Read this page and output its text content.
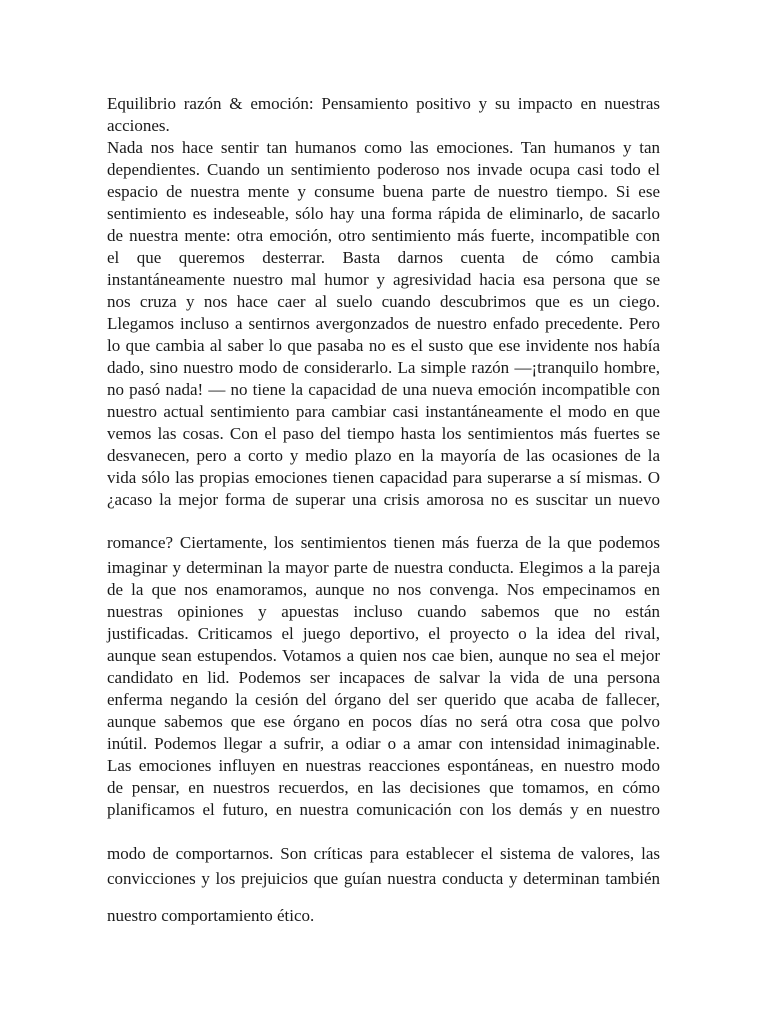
Equilibrio razón & emoción: Pensamiento positivo y su impacto en nuestras

acciones.

Nada nos hace sentir tan humanos como las emociones. Tan humanos y tan

dependientes. Cuando un sentimiento poderoso nos invade ocupa casi todo el

espacio de nuestra mente y consume buena parte de nuestro tiempo. Si ese

sentimiento es indeseable, sólo hay una forma rápida de eliminarlo, de sacarlo

de nuestra mente: otra emoción, otro sentimiento más fuerte, incompatible con

el que queremos desterrar. Basta darnos cuenta de cómo cambia

instantáneamente nuestro mal humor y agresividad hacia esa persona que se

nos cruza y nos hace caer al suelo cuando descubrimos que es un ciego.

Llegamos incluso a sentirnos avergonzados de nuestro enfado precedente. Pero

lo que cambia al saber lo que pasaba no es el susto que ese invidente nos había

dado, sino nuestro modo de considerarlo. La simple razón —¡tranquilo hombre,

no pasó nada! — no tiene la capacidad de una nueva emoción incompatible con

nuestro actual sentimiento para cambiar casi instantáneamente el modo en que

vemos las cosas. Con el paso del tiempo hasta los sentimientos más fuertes se

desvanecen, pero a corto y medio plazo en la mayoría de las ocasiones de la

vida sólo las propias emociones tienen capacidad para superarse a sí mismas. O

¿acaso la mejor forma de superar una crisis amorosa no es suscitar un nuevo

romance? Ciertamente, los sentimientos tienen más fuerza de la que podemos

imaginar y determinan la mayor parte de nuestra conducta. Elegimos a la pareja

de la que nos enamoramos, aunque no nos convenga. Nos empecinamos en

nuestras opiniones y apuestas incluso cuando sabemos que no están

justificadas. Criticamos el juego deportivo, el proyecto o la idea del rival,

aunque sean estupendos. Votamos a quien nos cae bien, aunque no sea el mejor

candidato en lid. Podemos ser incapaces de salvar la vida de una persona

enferma negando la cesión del órgano del ser querido que acaba de fallecer,

aunque sabemos que ese órgano en pocos días no será otra cosa que polvo

inútil. Podemos llegar a sufrir, a odiar o a amar con intensidad inimaginable.

Las emociones influyen en nuestras reacciones espontáneas, en nuestro modo

de pensar, en nuestros recuerdos, en las decisiones que tomamos, en cómo

planificamos el futuro, en nuestra comunicación con los demás y en nuestro

modo de comportarnos. Son críticas para establecer el sistema de valores, las

convicciones y los prejuicios que guían nuestra conducta y determinan también

nuestro comportamiento ético.
